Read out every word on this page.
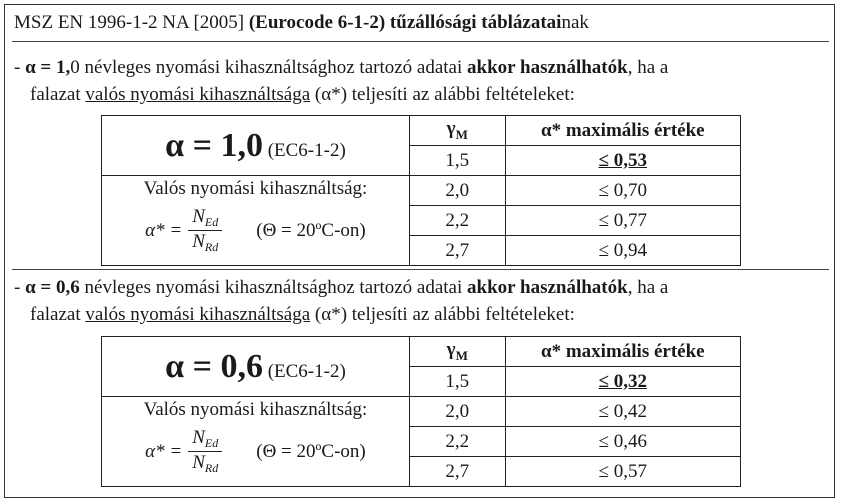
MSZ EN 1996-1-2 NA [2005] (Eurocode 6-1-2) tűzállósági táblázatainak
- α = 1,0 névleges nyomási kihasználtsághoz tartozó adatai akkor használhatók, ha a
falazat valós nyomási kihasználtsága (α*) teljesíti az alábbi feltételeket:
α = 1,0 (EC6-1-2)	$\gamma_M$	α* maximális értéke
	1,5	≤ 0,53

Valós nyomási kihasználtság:
$\alpha* = \frac{N_{Ed}}{N_{Rd}} (\Theta$ = 20ºC-on)	2,0	≤ 0,70
	2,2	≤ 0,77
	2,7	≤ 0,94
- α = 0,6 névleges nyomási kihasználtsághoz tartozó adatai akkor használhatók, ha a
falazat valós nyomási kihasználtsága (α*) teljesíti az alábbi feltételeket:
α = 0,6 (EC6-1-2)	$\gamma_M$	α* maximális értéke
	1,5	≤ 0,32

Valós nyomási kihasználtság:
$\alpha* = \frac{N_{Ed}}{N_{Rd}} (\Theta$ = 20ºC-on)	2,0	≤ 0,42
	2,2	≤ 0,46
	2,7	≤ 0,57
